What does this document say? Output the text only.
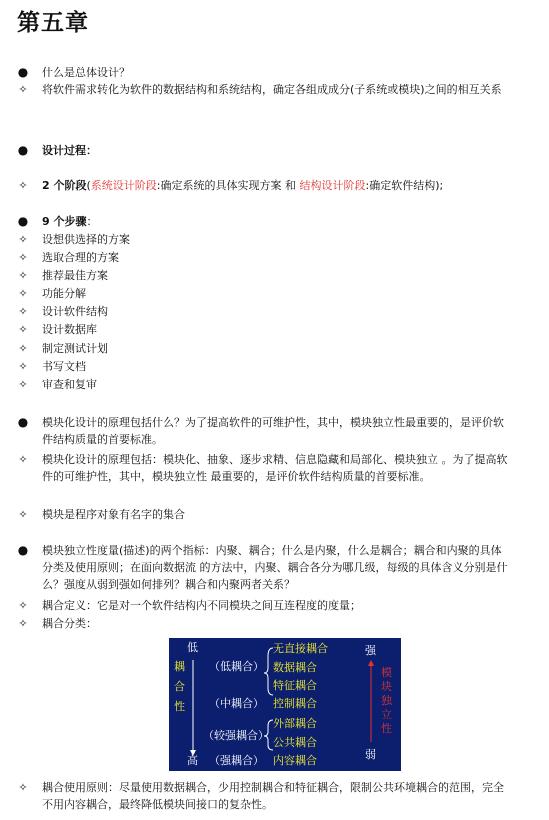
第五章
● 什么是总体设计？
✧ 将软件需求转化为软件的数据结构和系统结构，确定各组成成分(子系统或模块)之间的相互关系
● 设计过程：
✧ 2 个阶段(系统设计阶段:确定系统的具体实现方案 和 结构设计阶段:确定软件结构);
● 9 个步骤：
✧ 设想供选择的方案
✧ 选取合理的方案
✧ 推荐最佳方案
✧ 功能分解
✧ 设计软件结构
✧ 设计数据库
✧ 制定测试计划
✧ 书写文档
✧ 审查和复审
● 模块化设计的原理包括什么？为了提高软件的可维护性，其中，模块独立性最重要的，是评价软件结构质量的首要标准。
✧ 模块化设计的原理包括：模块化、抽象、逐步求精、信息隐藏和局部化、模块独立 。为了提高软件的可维护性，其中，模块独立性 最重要的，是评价软件结构质量的首要标准。
✧ 模块是程序对象有名字的集合
● 模块独立性度量(描述)的两个指标：内聚、耦合；什么是内聚，什么是耦合；耦合和内聚的具体分类及使用原则；在面向数据流 的方法中，内聚、耦合各分为哪几级，每级的具体含义分别是什么？强度从弱到强如何排列？耦合和内聚两者关系？
✧ 耦合定义：它是对一个软件结构内不同模块之间互连程度的度量；
✧ 耦合分类：
低
高
耦
合
性
（低耦合）
（中耦合）
（较强耦合）
（强耦合）
无直接耦合
数据耦合
特征耦合
控制耦合
外部耦合
公共耦合
内容耦合
强
弱
模
块
独
立
性
✧ 耦合使用原则：尽量使用数据耦合，少用控制耦合和特征耦合，限制公共环境耦合的范围，完全不用内容耦合，最终降低模块间接口的复杂性。
